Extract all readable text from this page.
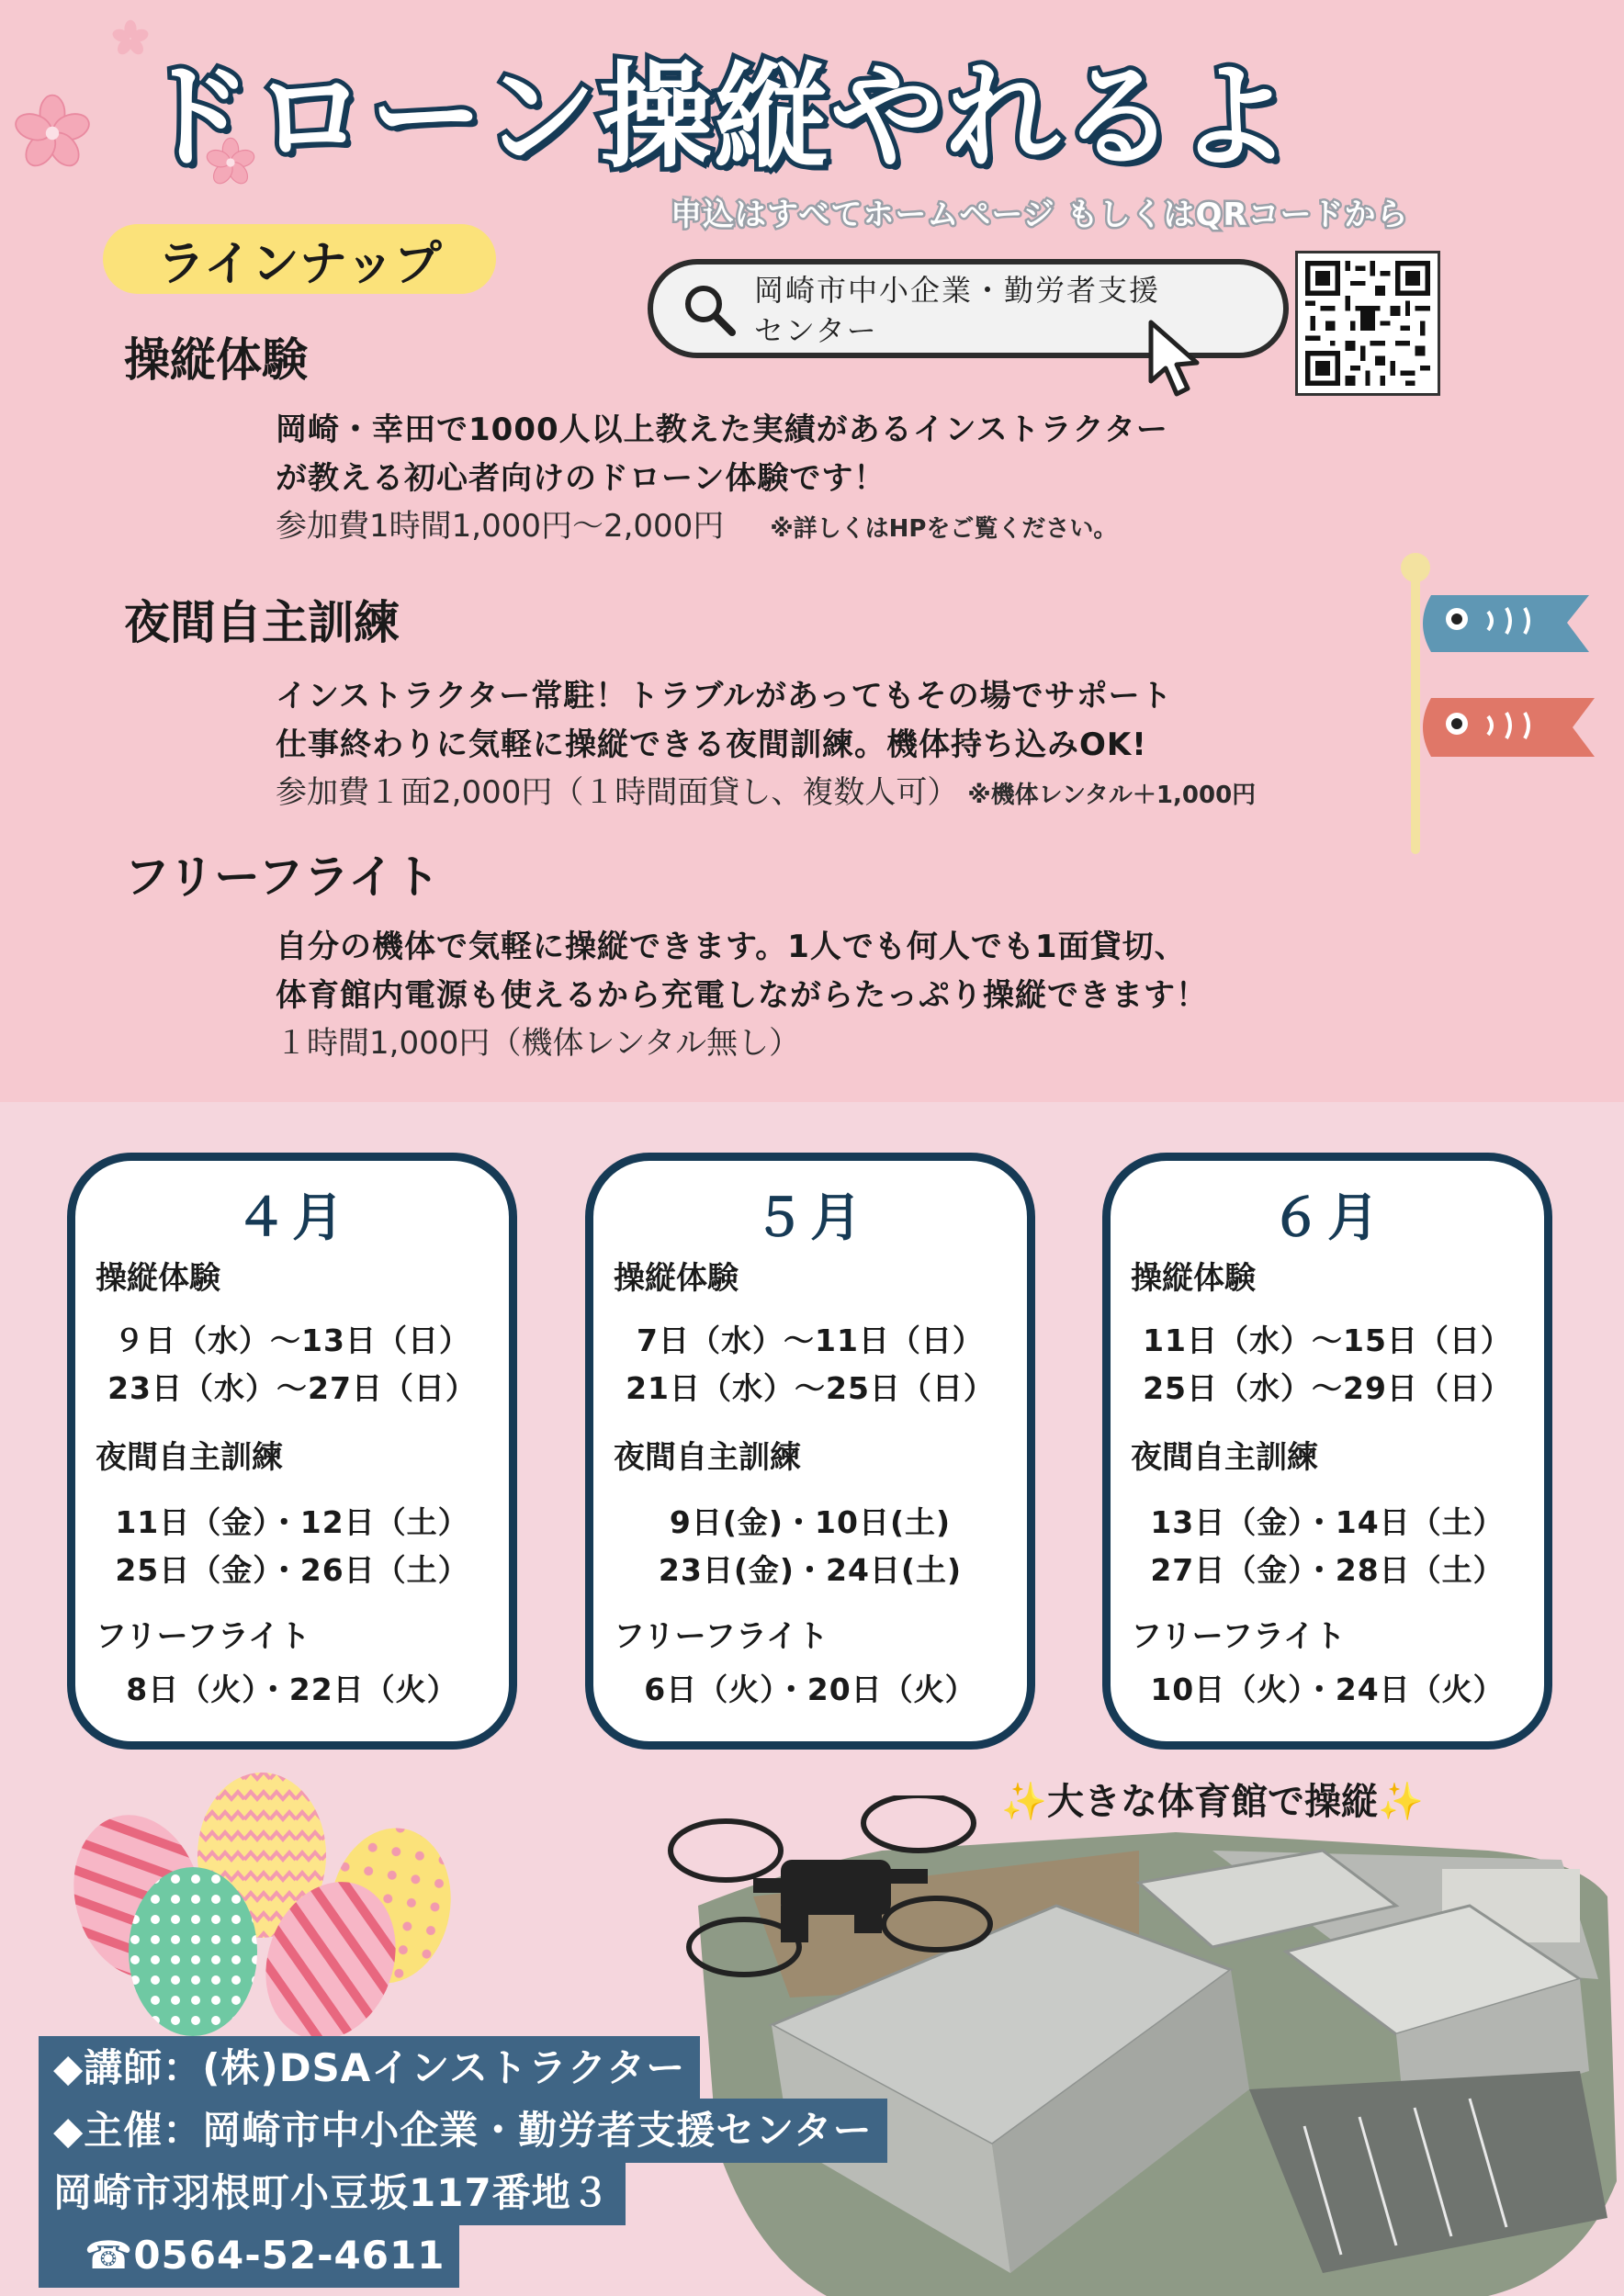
ドローン操縦やれるよ
申込はすべてホームページ もしくはQRコードから
ラインナップ	岡崎市中小企業・勤労者支援
センター
操縦体験
岡崎・幸田で1000人以上教えた実績があるインストラクター
が教える初心者向けのドローン体験です！
参加費1時間1,000円～2,000円 ※詳しくはHPをご覧ください。
夜間自主訓練
インストラクター常駐！トラブルがあってもその場でサポート
仕事終わりに気軽に操縦できる夜間訓練。機体持ち込みOK!
参加費１面2,000円（１時間面貸し、複数人可） ※機体レンタル＋1,000円
フリーフライト
自分の機体で気軽に操縦できます。1人でも何人でも1面貸切、
体育館内電源も使えるから充電しながらたっぷり操縦できます！
１時間1,000円（機体レンタル無し）
４月
操縦体験
９日（水）～13日（日）
23日（水）～27日（日）
夜間自主訓練
11日（金）・12日（土）
25日（金）・26日（土）
フリーフライト
8日（火）・22日（火）
５月
操縦体験
7日（水）～11日（日）
21日（水）～25日（日）
夜間自主訓練
9日(金)・10日(土)
23日(金)・24日(土)
フリーフライト
6日（火）・20日（火）
６月
操縦体験
11日（水）～15日（日）
25日（水）～29日（日）
夜間自主訓練
13日（金）・14日（土）
27日（金）・28日（土）
フリーフライト
10日（火）・24日（火）
✨大きな体育館で操縦✨
◆講師：(株)DSAインストラクター
◆主催：岡崎市中小企業・勤労者支援センター
岡崎市羽根町小豆坂117番地３
☎0564-52-4611
